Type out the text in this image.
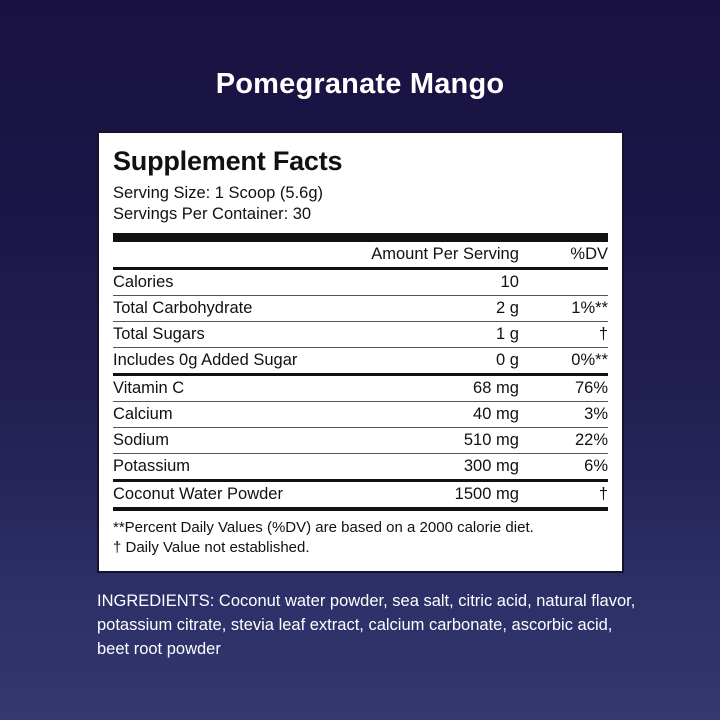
Pomegranate Mango
Supplement Facts
Serving Size: 1 Scoop (5.6g)
Servings Per Container: 30
	Amount Per Serving	%DV
Calories	10	
Total Carbohydrate	2 g	1%**
Total Sugars	1 g	†
Includes 0g Added Sugar	0 g	0%**
Vitamin C	68 mg	76%
Calcium	40 mg	3%
Sodium	510 mg	22%
Potassium	300 mg	6%
Coconut Water Powder	1500 mg	†
**Percent Daily Values (%DV) are based on a 2000 calorie diet.
† Daily Value not established.
INGREDIENTS: Coconut water powder, sea salt, citric acid, natural flavor, potassium citrate, stevia leaf extract, calcium carbonate, ascorbic acid, beet root powder
